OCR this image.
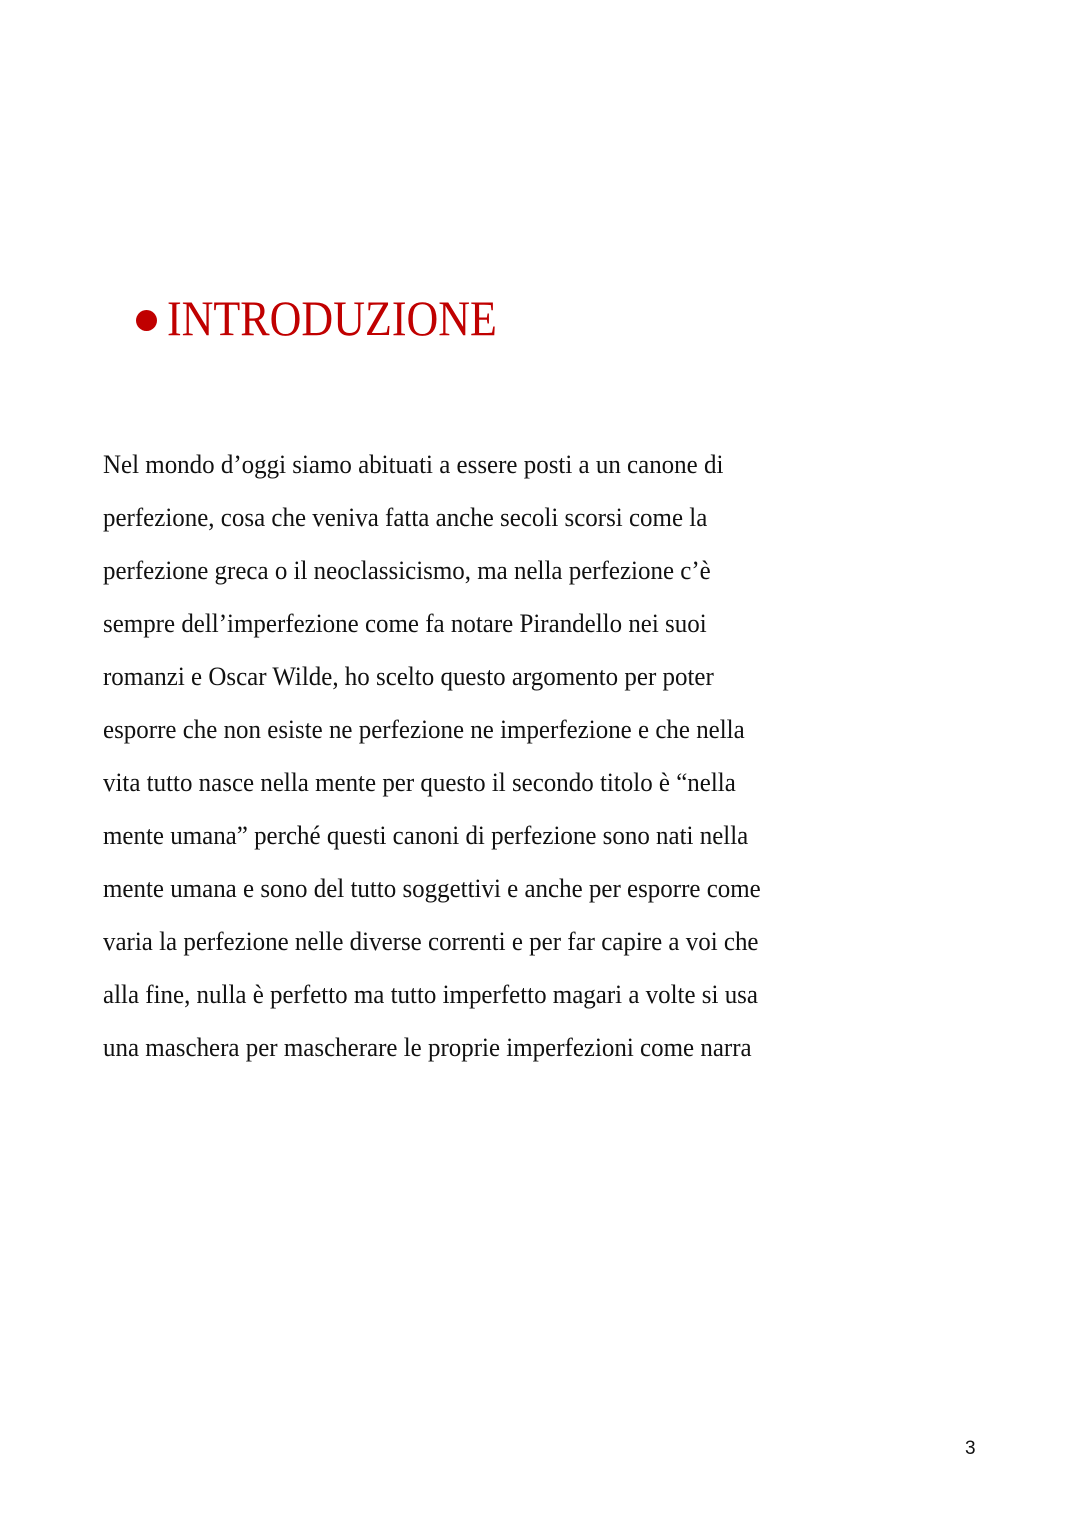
INTRODUZIONE
Nel mondo d’oggi siamo abituati a essere posti a un canone di
perfezione, cosa che veniva fatta anche secoli scorsi come la
perfezione greca o il neoclassicismo, ma nella perfezione c’è
sempre dell’imperfezione come fa notare Pirandello nei suoi
romanzi e Oscar Wilde, ho scelto questo argomento per poter
esporre che non esiste ne perfezione ne imperfezione e che nella
vita tutto nasce nella mente per questo il secondo titolo è “nella
mente umana” perché questi canoni di perfezione sono nati nella
mente umana e sono del tutto soggettivi e anche per esporre come
varia la perfezione nelle diverse correnti e per far capire a voi che
alla fine, nulla è perfetto ma tutto imperfetto magari a volte si usa
una maschera per mascherare le proprie imperfezioni come narra
3
